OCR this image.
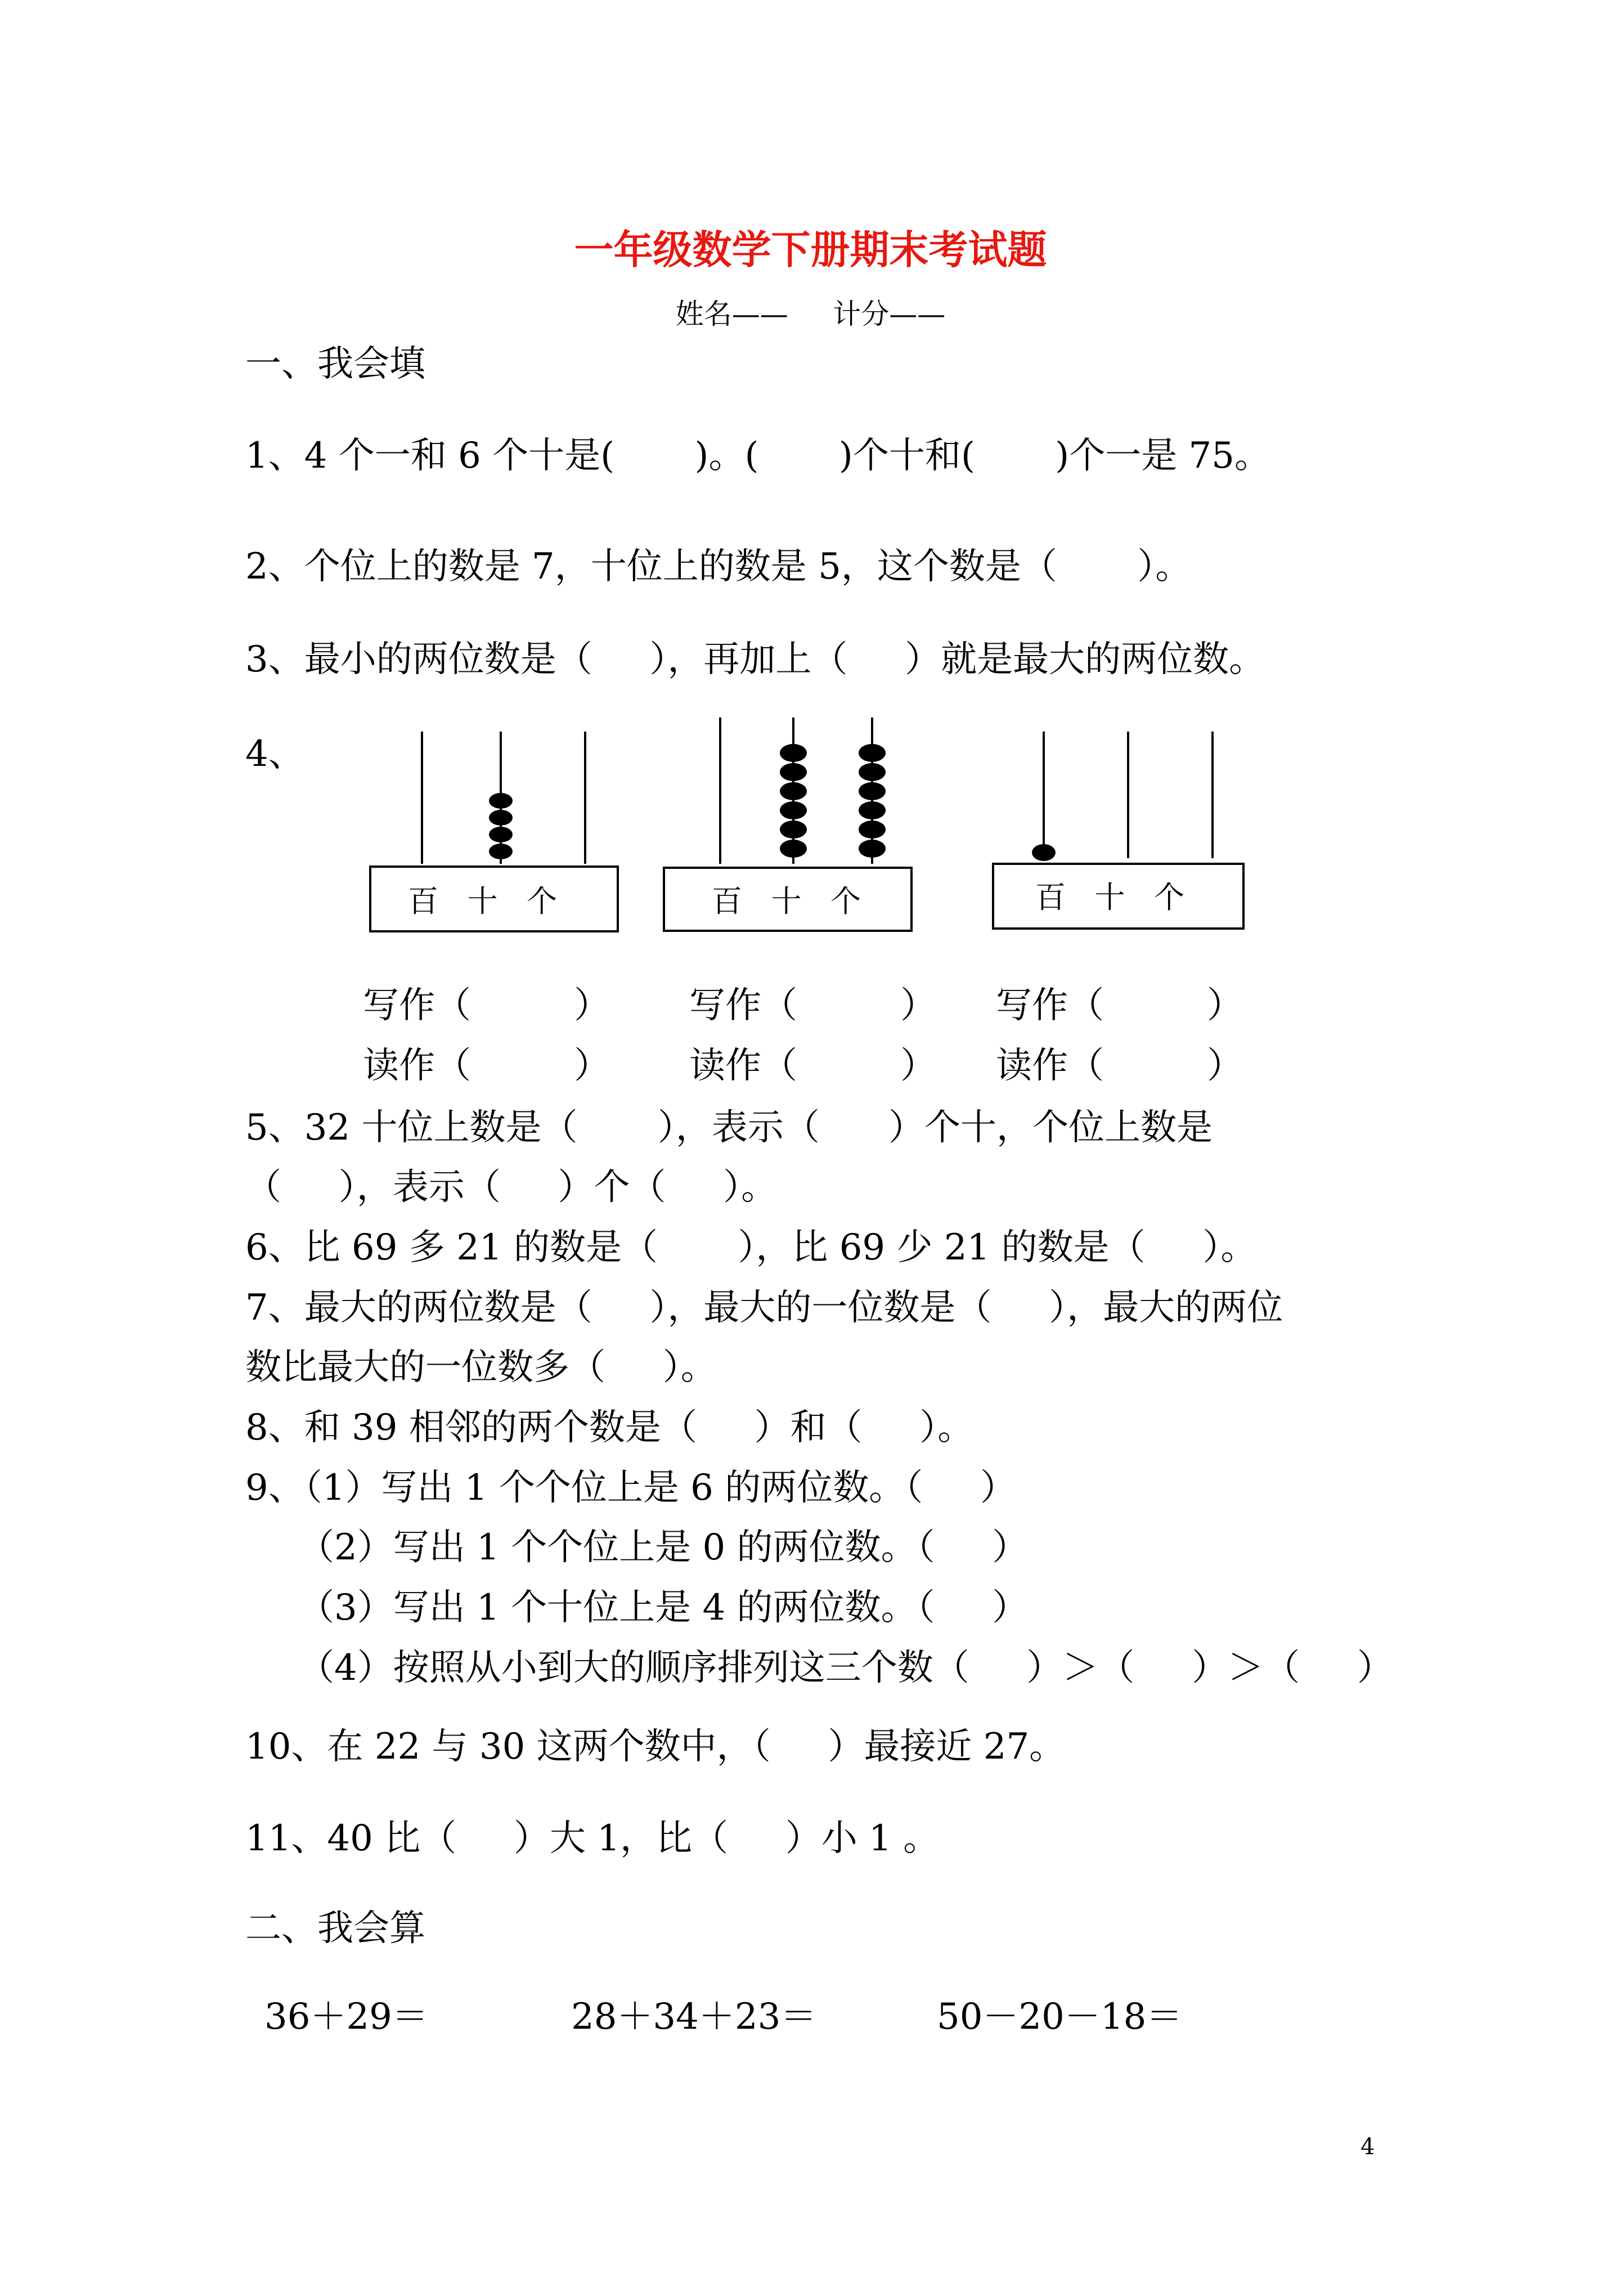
一年级数学下册期末考试题
姓名——     计分——
一、我会填
1、4 个一和 6 个十是(       )。(       )个十和(       )个一是 75。
2、个位上的数是 7，十位上的数是 5，这个数是（       ）。
3、最小的两位数是（     ），再加上（     ）就是最大的两位数。
4、
百   十   个	百   十   个	百   十   个
写作（         ） 写作（         ） 写作（         ）
读作（         ） 读作（         ） 读作（         ）
5、32 十位上数是（       ），表示（      ）个十，个位上数是
（     ），表示（     ）个（     ）。
6、比 69 多 21 的数是（       ），比 69 少 21 的数是（     ）。
7、最大的两位数是（     ），最大的一位数是（     ），最大的两位
数比最大的一位数多（     ）。
8、和 39 相邻的两个数是（     ）和（     ）。
9、（1）写出 1 个个位上是 6 的两位数。（     ）
（2）写出 1 个个位上是 0 的两位数。（     ）
（3）写出 1 个十位上是 4 的两位数。（     ）
（4）按照从小到大的顺序排列这三个数（     ）＞（     ）＞（     ）
10、在 22 与 30 这两个数中，（     ）最接近 27。
11、40 比（     ）大 1，比（     ）小 1 。
二、我会算
36＋29＝	28＋34＋23＝	50－20－18＝
4
